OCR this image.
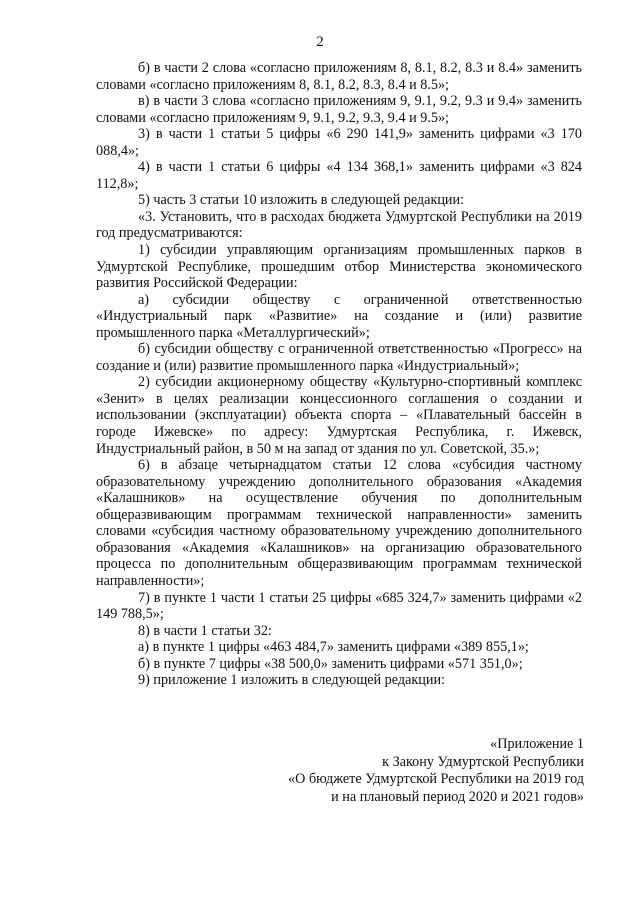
2

б) в части 2 слова «согласно приложениям 8, 8.1, 8.2, 8.3 и 8.4» заменить словами «согласно приложениям 8, 8.1, 8.2, 8.3, 8.4 и 8.5»;

в) в части 3 слова «согласно приложениям 9, 9.1, 9.2, 9.3 и 9.4» заменить словами «согласно приложениям 9, 9.1, 9.2, 9.3, 9.4 и 9.5»;

3) в части 1 статьи 5 цифры «6 290 141,9» заменить цифрами «3 170 088,4»;

4) в части 1 статьи 6 цифры «4 134 368,1» заменить цифрами «3 824 112,8»;

5) часть 3 статьи 10 изложить в следующей редакции:

«3. Установить, что в расходах бюджета Удмуртской Республики на 2019 год предусматриваются:

1) субсидии управляющим организациям промышленных парков в Удмуртской Республике, прошедшим отбор Министерства экономического развития Российской Федерации:

а) субсидии обществу с ограниченной ответственностью «Индустриальный парк «Развитие» на создание и (или) развитие промышленного парка «Металлургический»;

б) субсидии обществу с ограниченной ответственностью «Прогресс» на создание и (или) развитие промышленного парка «Индустриальный»;

2) субсидии акционерному обществу «Культурно-спортивный комплекс «Зенит» в целях реализации концессионного соглашения о создании и использовании (эксплуатации) объекта спорта – «Плавательный бассейн в городе Ижевске» по адресу: Удмуртская Республика, г. Ижевск, Индустриальный район, в 50 м на запад от здания по ул. Советской, 35.»;

6) в абзаце четырнадцатом статьи 12 слова «субсидия частному образовательному учреждению дополнительного образования «Академия «Калашников» на осуществление обучения по дополнительным общеразвивающим программам технической направленности» заменить словами «субсидия частному образовательному учреждению дополнительного образования «Академия «Калашников» на организацию образовательного процесса по дополнительным общеразвивающим программам технической направленности»;

7) в пункте 1 части 1 статьи 25 цифры «685 324,7» заменить цифрами «2 149 788,5»;

8) в части 1 статьи 32:

а) в пункте 1 цифры «463 484,7» заменить цифрами «389 855,1»;

б) в пункте 7 цифры «38 500,0» заменить цифрами «571 351,0»;

9) приложение 1 изложить в следующей редакции:

«Приложение 1

к Закону Удмуртской Республики

«О бюджете Удмуртской Республики на 2019 год

и на плановый период 2020 и 2021 годов»
